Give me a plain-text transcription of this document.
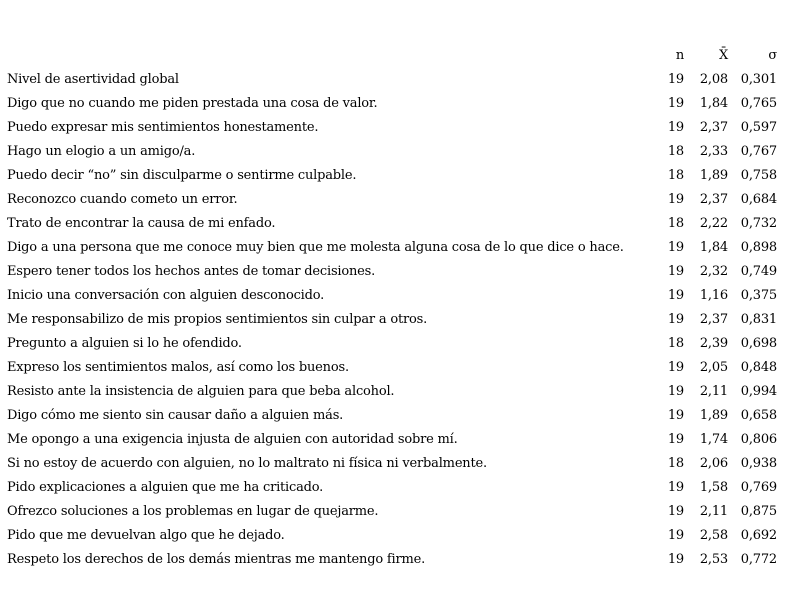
	n	X̄	σ
Nivel de asertividad global	19	2,08	0,301
Digo que no cuando me piden prestada una cosa de valor.	19	1,84	0,765
Puedo expresar mis sentimientos honestamente.	19	2,37	0,597
Hago un elogio a un amigo/a.	18	2,33	0,767
Puedo decir “no” sin disculparme o sentirme culpable.	18	1,89	0,758
Reconozco cuando cometo un error.	19	2,37	0,684
Trato de encontrar la causa de mi enfado.	18	2,22	0,732
Digo a una persona que me conoce muy bien que me molesta alguna cosa de lo que dice o hace.	19	1,84	0,898
Espero tener todos los hechos antes de tomar decisiones.	19	2,32	0,749
Inicio una conversación con alguien desconocido.	19	1,16	0,375
Me responsabilizo de mis propios sentimientos sin culpar a otros.	19	2,37	0,831
Pregunto a alguien si lo he ofendido.	18	2,39	0,698
Expreso los sentimientos malos, así como los buenos.	19	2,05	0,848
Resisto ante la insistencia de alguien para que beba alcohol.	19	2,11	0,994
Digo cómo me siento sin causar daño a alguien más.	19	1,89	0,658
Me opongo a una exigencia injusta de alguien con autoridad sobre mí.	19	1,74	0,806
Si no estoy de acuerdo con alguien, no lo maltrato ni física ni verbalmente.	18	2,06	0,938
Pido explicaciones a alguien que me ha criticado.	19	1,58	0,769
Ofrezco soluciones a los problemas en lugar de quejarme.	19	2,11	0,875
Pido que me devuelvan algo que he dejado.	19	2,58	0,692
Respeto los derechos de los demás mientras me mantengo firme.	19	2,53	0,772
